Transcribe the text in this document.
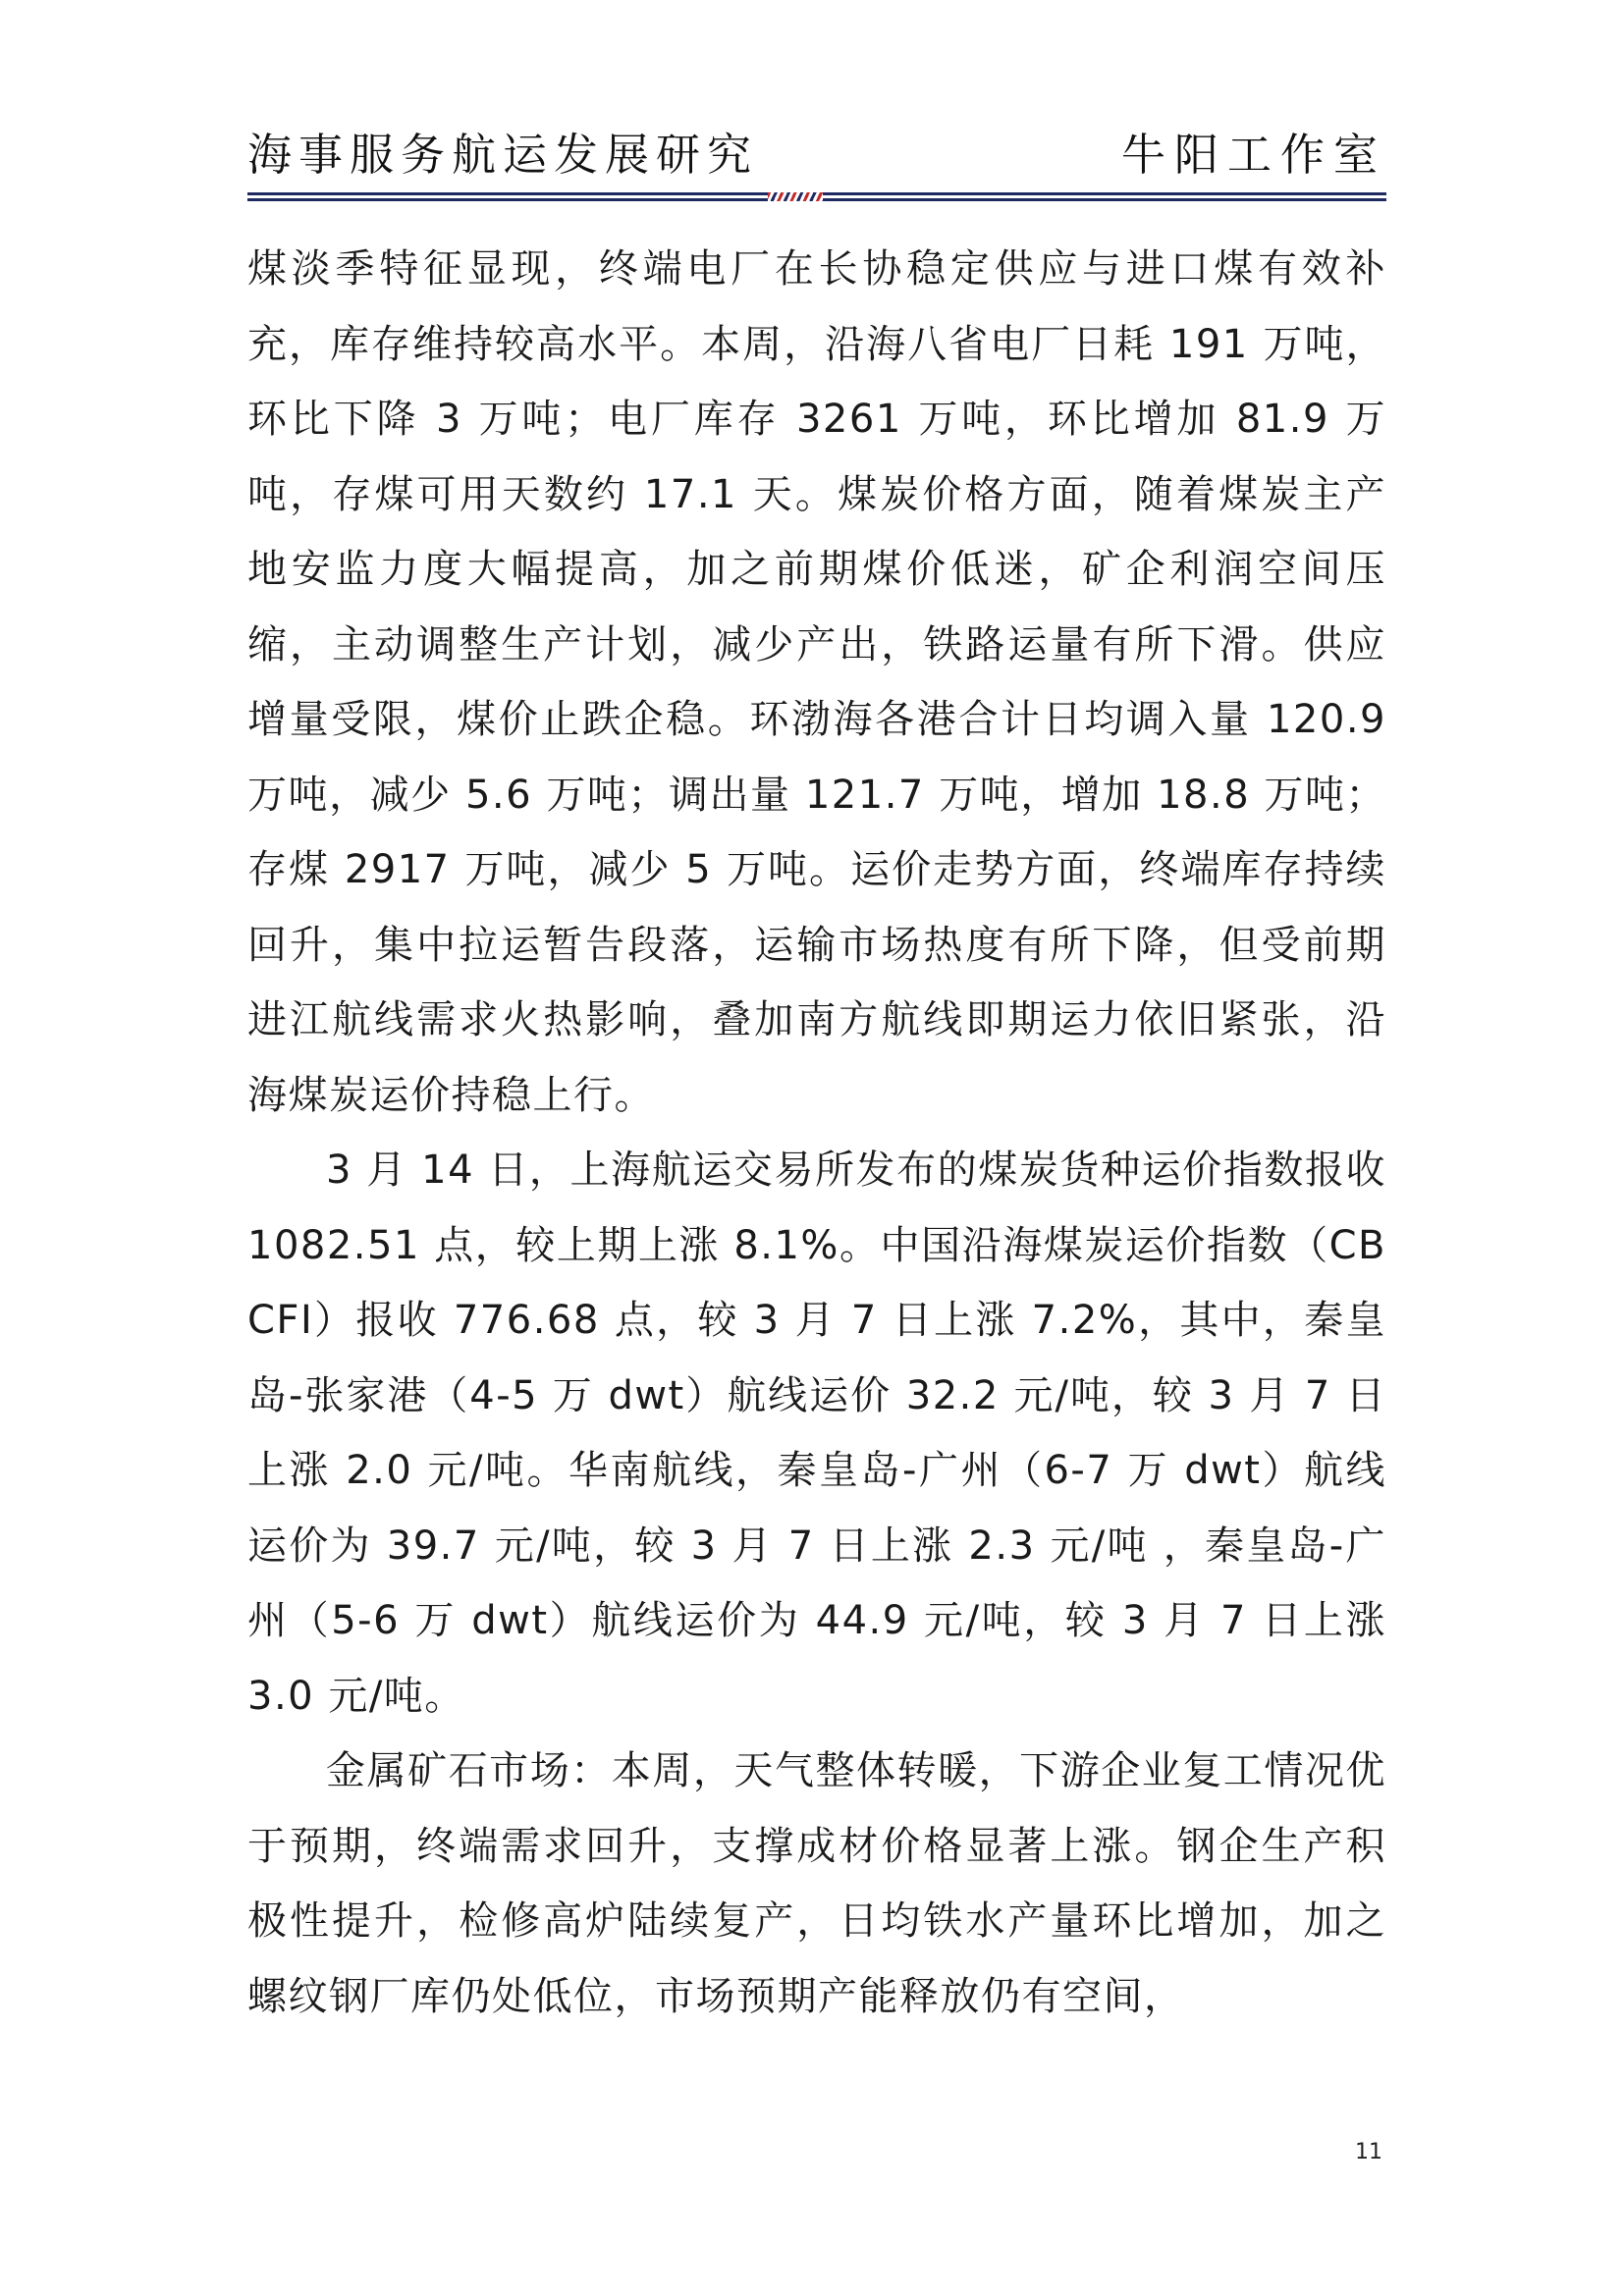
海事服务航运发展研究	牛阳工作室

煤淡季特征显现，终端电厂在长协稳定供应与进口煤有效补充，库存维持较高水平。本周，沿海八省电厂日耗 191 万吨，环比下降 3 万吨；电厂库存 3261 万吨，环比增加 81.9 万吨，存煤可用天数约 17.1 天。煤炭价格方面，随着煤炭主产地安监力度大幅提高，加之前期煤价低迷，矿企利润空间压缩，主动调整生产计划，减少产出，铁路运量有所下滑。供应增量受限，煤价止跌企稳。环渤海各港合计日均调入量 120.9 万吨，减少 5.6 万吨；调出量 121.7 万吨，增加 18.8 万吨；存煤 2917 万吨，减少 5 万吨。运价走势方面，终端库存持续回升，集中拉运暂告段落，运输市场热度有所下降，但受前期进江航线需求火热影响，叠加南方航线即期运力依旧紧张，沿海煤炭运价持稳上行。

3 月 14 日，上海航运交易所发布的煤炭货种运价指数报收 1082.51 点，较上期上涨 8.1%。中国沿海煤炭运价指数（CBCFI）报收 776.68 点，较 3 月 7 日上涨 7.2%，其中，秦皇岛-张家港（4-5 万 dwt）航线运价 32.2 元/吨，较 3 月 7 日上涨 2.0 元/吨。华南航线，秦皇岛-广州（6-7 万 dwt）航线运价为 39.7 元/吨，较 3 月 7 日上涨 2.3 元/吨 ，秦皇岛-广州（5-6 万 dwt）航线运价为 44.9 元/吨，较 3 月 7 日上涨 3.0 元/吨。

金属矿石市场：本周，天气整体转暖，下游企业复工情况优于预期，终端需求回升，支撑成材价格显著上涨。钢企生产积极性提升，检修高炉陆续复产，日均铁水产量环比增加，加之螺纹钢厂库仍处低位，市场预期产能释放仍有空间，

11
